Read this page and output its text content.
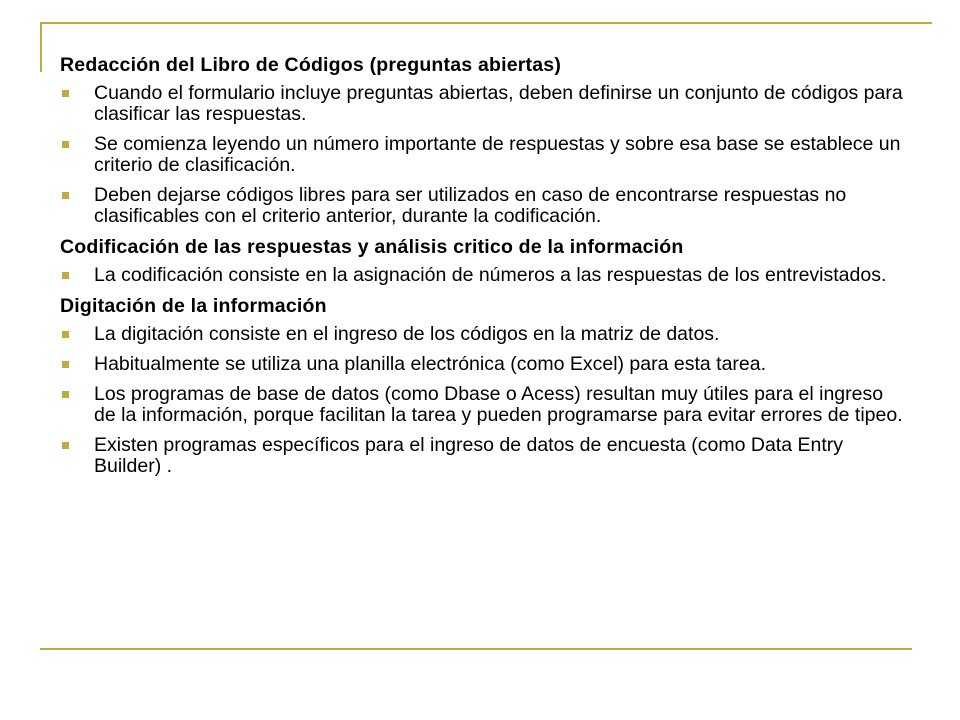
Redacción del Libro de Códigos (preguntas abiertas)
Cuando el formulario incluye preguntas abiertas, deben definirse un conjunto de códigos para clasificar las respuestas.
Se comienza leyendo un número importante de respuestas y sobre esa base se establece un criterio de clasificación.
Deben dejarse códigos libres para ser utilizados en caso de encontrarse respuestas no clasificables con el criterio anterior, durante la codificación.
Codificación de las respuestas y análisis critico de la información
La codificación consiste en la asignación de números a las respuestas de los entrevistados.
Digitación de la información
La digitación consiste en el ingreso de los códigos en la matriz de datos.
Habitualmente se utiliza una planilla electrónica (como Excel) para esta tarea.
Los programas de base de datos (como Dbase o Acess) resultan muy útiles para el ingreso de la información, porque facilitan la tarea y pueden programarse para evitar errores de tipeo.
Existen programas específicos para el ingreso de datos de encuesta (como Data Entry Builder) .
